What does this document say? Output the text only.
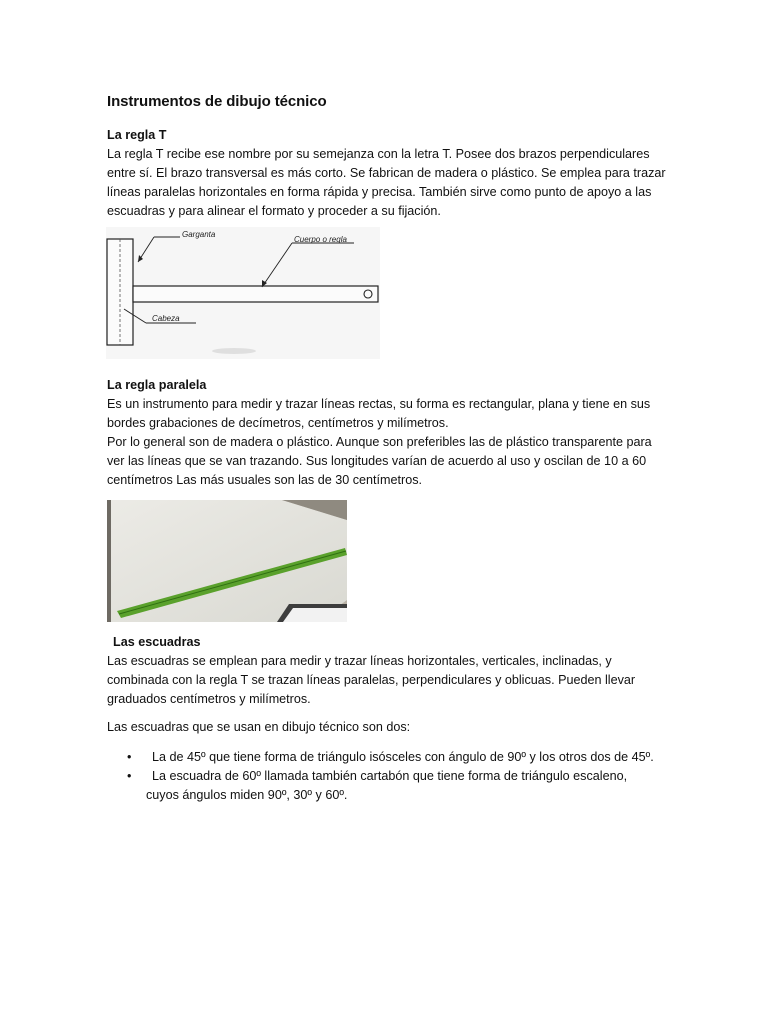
Instrumentos de dibujo técnico
La regla T
La regla T recibe ese nombre por su semejanza con la letra T. Posee dos brazos perpendiculares
entre sí. El brazo transversal es más corto. Se fabrican de madera o plástico. Se emplea para trazar
líneas paralelas horizontales en forma rápida y precisa. También sirve como punto de apoyo a las
escuadras y para alinear el formato y proceder a su fijación.
Garganta
Cuerpo o regla
Cabeza
La regla paralela
Es un instrumento para medir y trazar líneas rectas, su forma es rectangular, plana y tiene en sus
bordes grabaciones de decímetros, centímetros y milímetros.
Por lo general son de madera o plástico. Aunque son preferibles las de plástico transparente para
ver las líneas que se van trazando. Sus longitudes varían de acuerdo al uso y oscilan de 10 a 60
centímetros Las más usuales son las de 30 centímetros.
Las escuadras
Las escuadras se emplean para medir y trazar líneas horizontales, verticales, inclinadas, y
combinada con la regla T se trazan líneas paralelas, perpendiculares y oblicuas. Pueden llevar
graduados centímetros y milímetros.
Las escuadras que se usan en dibujo técnico son dos:
• La de 45º que tiene forma de triángulo isósceles con ángulo de 90º y los otros dos de 45º.
• La escuadra de 60º llamada también cartabón que tiene forma de triángulo escaleno,
cuyos ángulos miden 90º, 30º y 60º.
